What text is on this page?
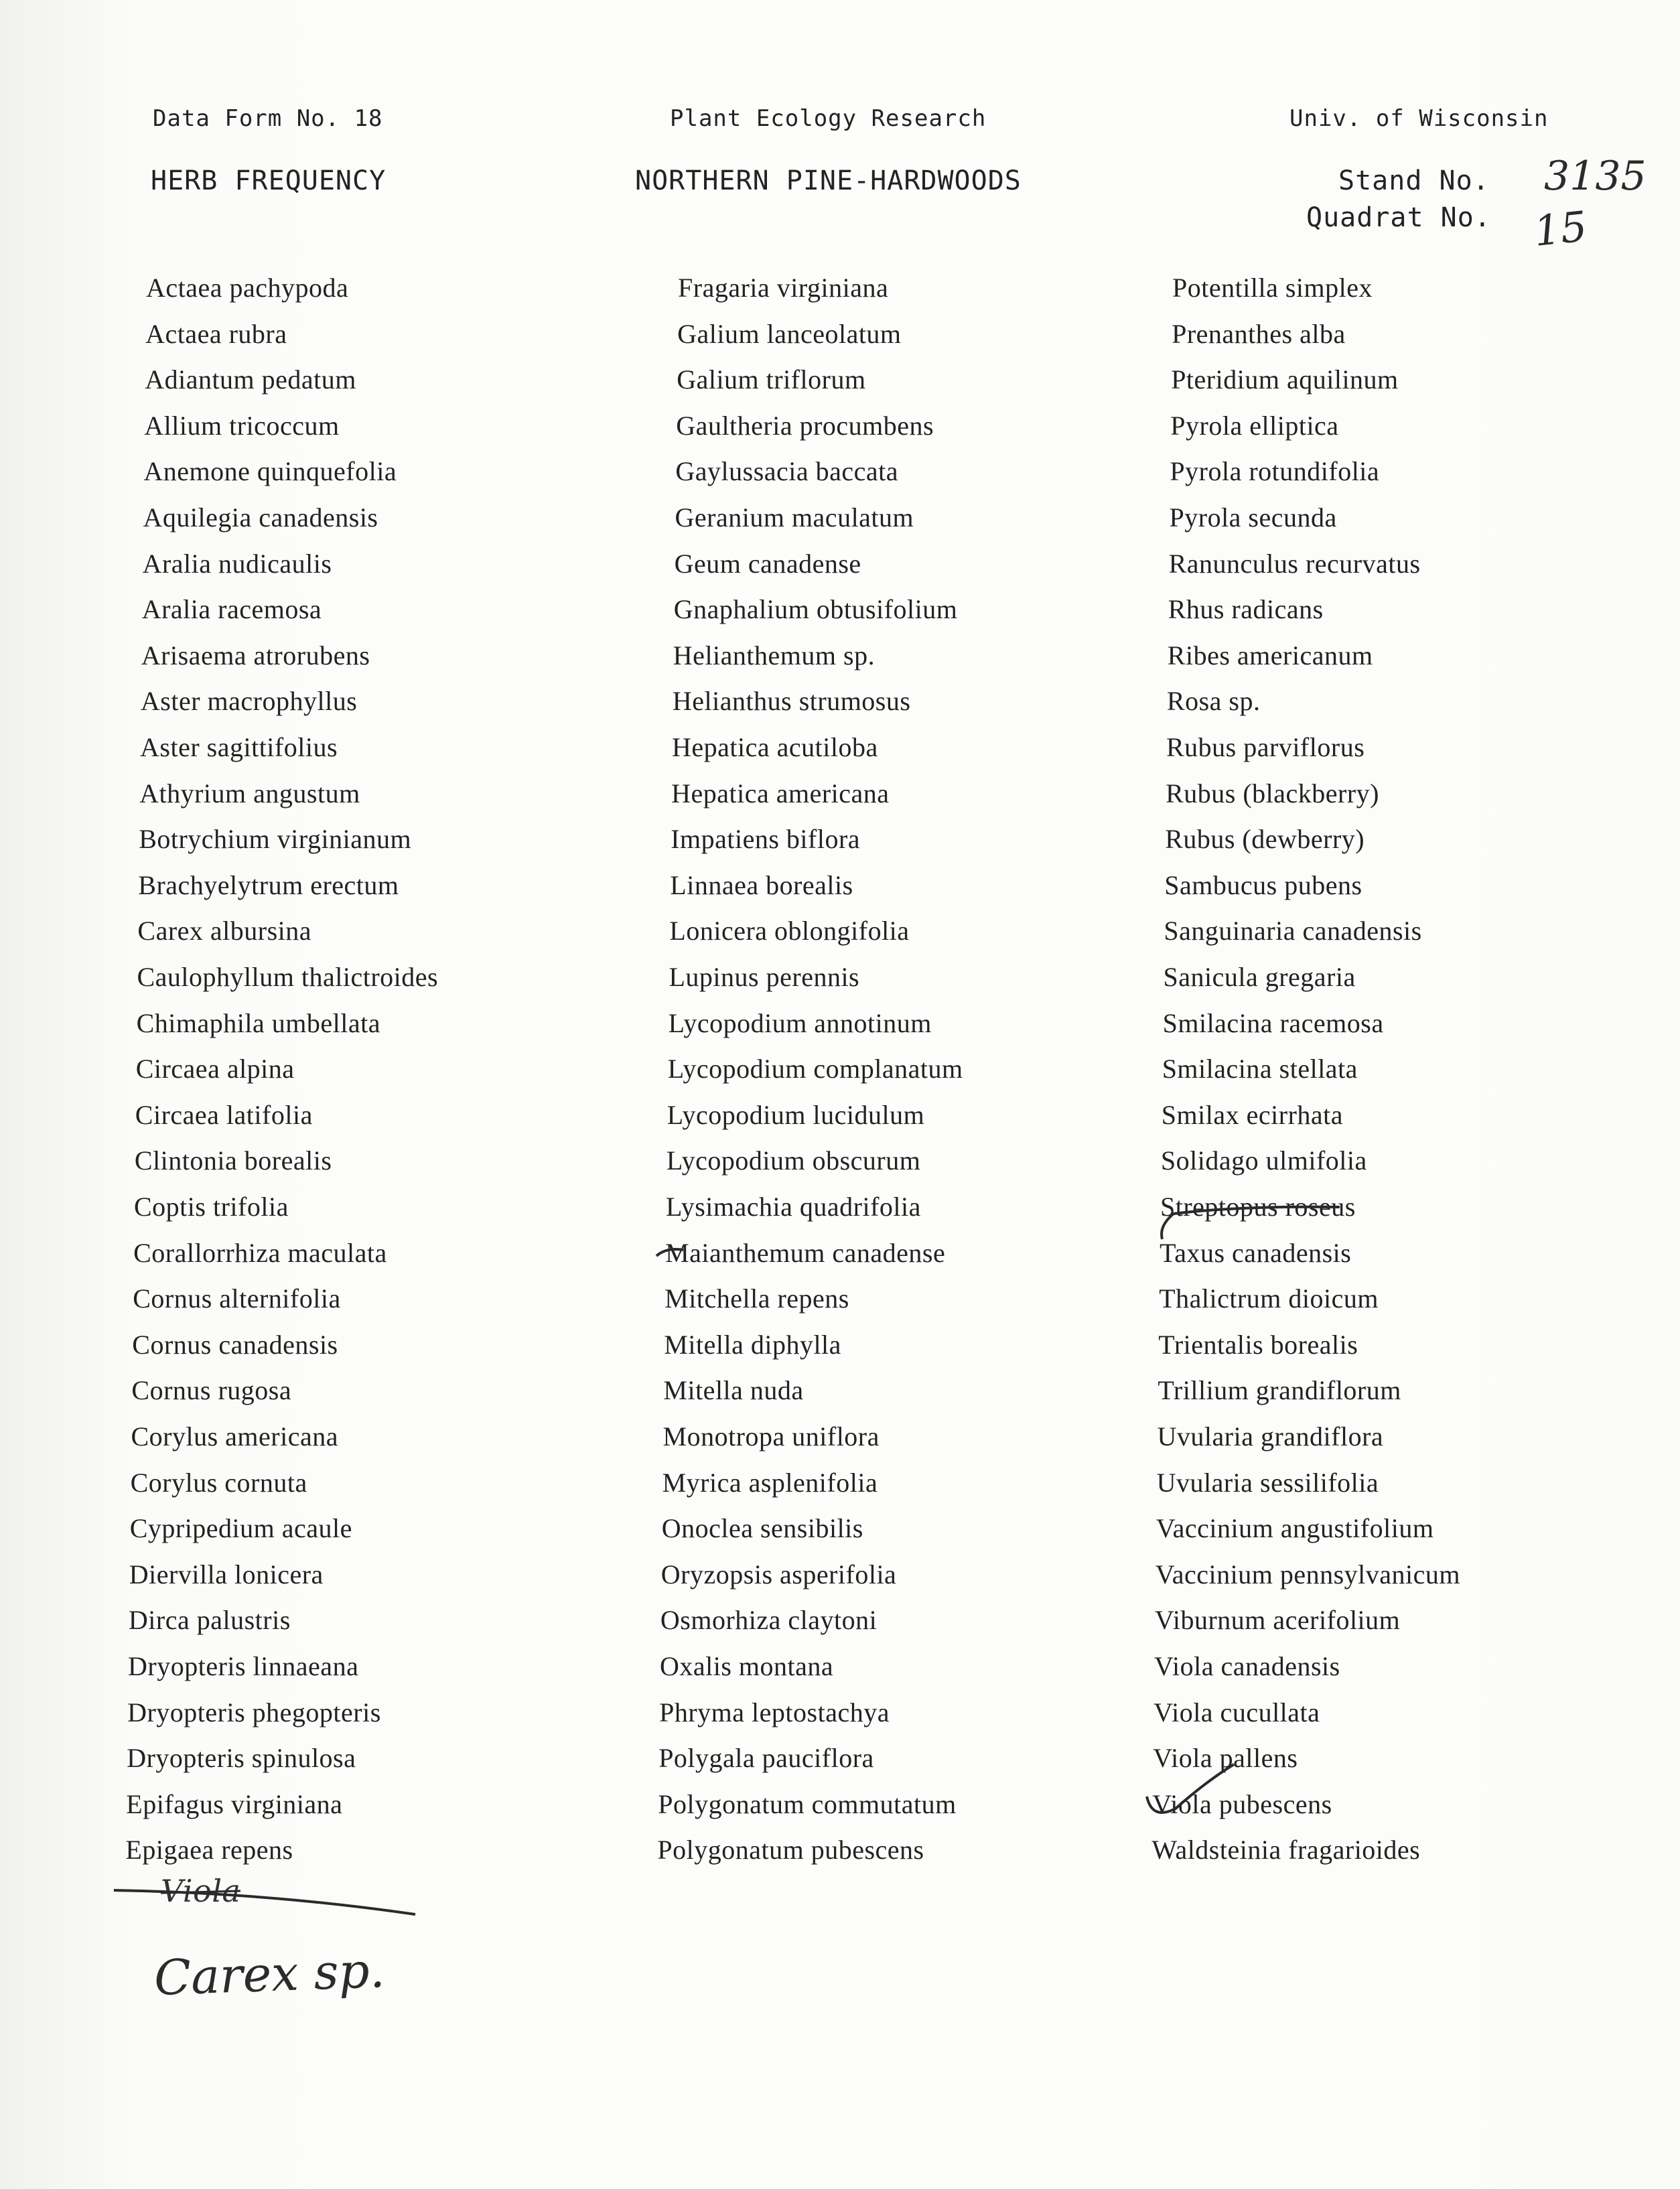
Data Form No. 18	Plant Ecology Research	Univ. of Wisconsin
HERB FREQUENCY	NORTHERN PINE-HARDWOODS	Stand No.
Quadrat No.
3135
15
Actaea pachypoda
Actaea rubra
Adiantum pedatum
Allium tricoccum
Anemone quinquefolia
Aquilegia canadensis
Aralia nudicaulis
Aralia racemosa
Arisaema atrorubens
Aster macrophyllus
Aster sagittifolius
Athyrium angustum
Botrychium virginianum
Brachyelytrum erectum
Carex albursina
Caulophyllum thalictroides
Chimaphila umbellata
Circaea alpina
Circaea latifolia
Clintonia borealis
Coptis trifolia
Corallorrhiza maculata
Cornus alternifolia
Cornus canadensis
Cornus rugosa
Corylus americana
Corylus cornuta
Cypripedium acaule
Diervilla lonicera
Dirca palustris
Dryopteris linnaeana
Dryopteris phegopteris
Dryopteris spinulosa
Epifagus virginiana
Epigaea repens
Fragaria virginiana
Galium lanceolatum
Galium triflorum
Gaultheria procumbens
Gaylussacia baccata
Geranium maculatum
Geum canadense
Gnaphalium obtusifolium
Helianthemum sp.
Helianthus strumosus
Hepatica acutiloba
Hepatica americana
Impatiens biflora
Linnaea borealis
Lonicera oblongifolia
Lupinus perennis
Lycopodium annotinum
Lycopodium complanatum
Lycopodium lucidulum
Lycopodium obscurum
Lysimachia quadrifolia
Maianthemum canadense
Mitchella repens
Mitella diphylla
Mitella nuda
Monotropa uniflora
Myrica asplenifolia
Onoclea sensibilis
Oryzopsis asperifolia
Osmorhiza claytoni
Oxalis montana
Phryma leptostachya
Polygala pauciflora
Polygonatum commutatum
Polygonatum pubescens
Potentilla simplex
Prenanthes alba
Pteridium aquilinum
Pyrola elliptica
Pyrola rotundifolia
Pyrola secunda
Ranunculus recurvatus
Rhus radicans
Ribes americanum
Rosa sp.
Rubus parviflorus
Rubus (blackberry)
Rubus (dewberry)
Sambucus pubens
Sanguinaria canadensis
Sanicula gregaria
Smilacina racemosa
Smilacina stellata
Smilax ecirrhata
Solidago ulmifolia
Streptopus roseus
Taxus canadensis
Thalictrum dioicum
Trientalis borealis
Trillium grandiflorum
Uvularia grandiflora
Uvularia sessilifolia
Vaccinium angustifolium
Vaccinium pennsylvanicum
Viburnum acerifolium
Viola canadensis
Viola cucullata
Viola pallens
Viola pubescens
Waldsteinia fragarioides
Viola
Carex sp.
